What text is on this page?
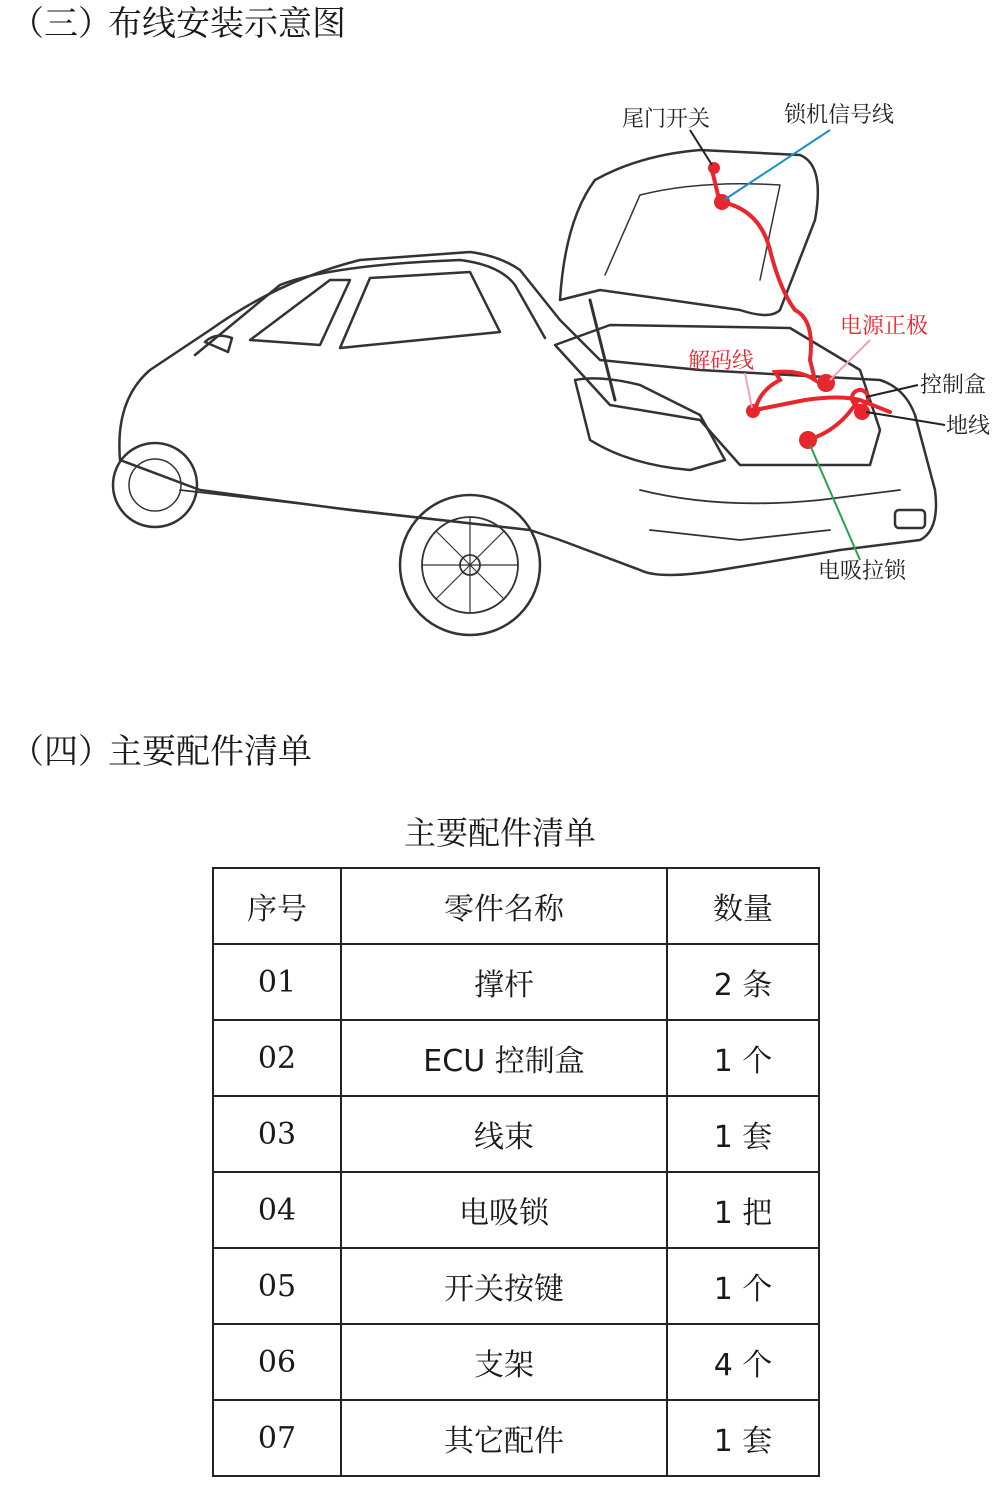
（三）布线安装示意图
尾门开关	锁机信号线
电源正极
解码线
控制盒
地线
电吸拉锁
（四）主要配件清单
主要配件清单
序号	零件名称	数量
01	撑杆	2 条
02	ECU 控制盒	1 个
03	线束	1 套
04	电吸锁	1 把
05	开关按键	1 个
06	支架	4 个
07	其它配件	1 套
